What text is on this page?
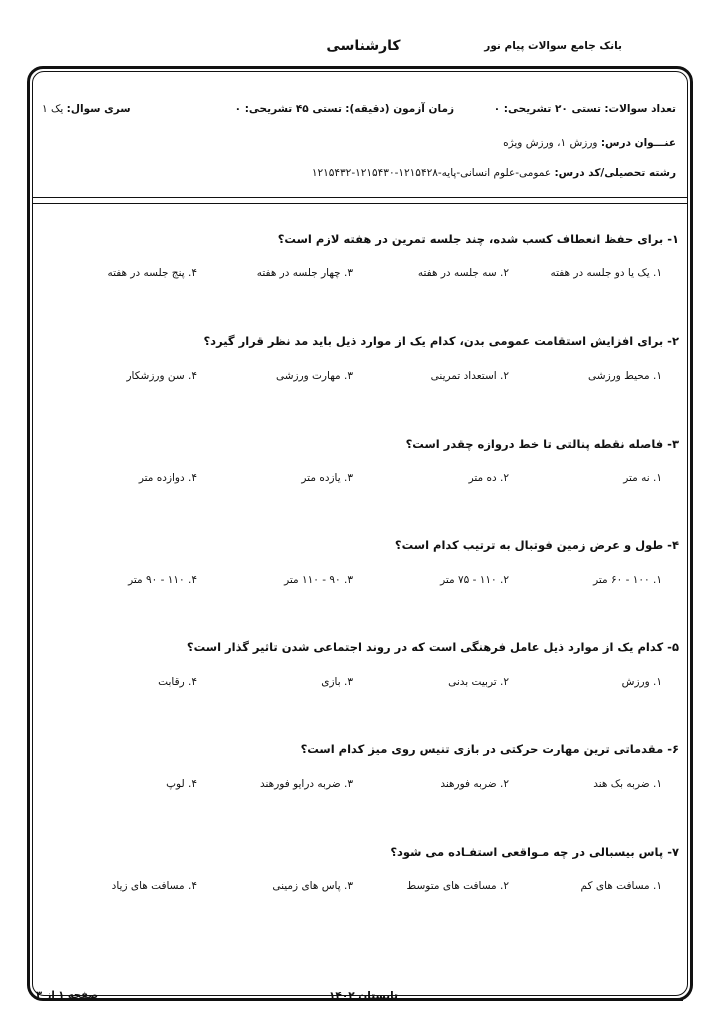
کارشناسی	بانک جامع سوالات پیام نور
تعداد سوالات: تستی ۲۰ تشریحی: ۰
زمان آزمون (دقیقه): تستی ۴۵ تشریحی: ۰
سری سوال: یک ۱
عنـــوان درس: ورزش ۱، ورزش ویژه
رشته تحصیلی/کد درس: عمومی-علوم انسانی-پایه-۱۲۱۵۴۲۸-۱۲۱۵۴۳۰-۱۲۱۵۴۳۲
۱- برای حفظ انعطاف کسب شده، چند جلسه تمرین در هفته لازم است؟
۱. یک یا دو جلسه در هفته
۲. سه جلسه در هفته
۳. چهار جلسه در هفته
۴. پنج جلسه در هفته
۲- برای افزایش استقامت عمومی بدن، کدام یک از موارد ذیل باید مد نظر قرار گیرد؟
۱. محیط ورزشی
۲. استعداد تمرینی
۳. مهارت ورزشی
۴. سن ورزشکار
۳- فاصله نقطه پنالتی تا خط دروازه چقدر است؟
۱. نه متر
۲. ده متر
۳. یازده متر
۴. دوازده متر
۴- طول و عرض زمین فوتبال به ترتیب کدام است؟
۱. ۱۰۰ - ۶۰ متر
۲. ۱۱۰ - ۷۵ متر
۳. ۹۰ - ۱۱۰ متر
۴. ۱۱۰ - ۹۰ متر
۵- کدام یک از موارد ذیل عامل فرهنگی است که در روند اجتماعی شدن تاثیر گذار است؟
۱. ورزش
۲. تربیت بدنی
۳. بازی
۴. رقابت
۶- مقدماتی ترین مهارت حرکتی در بازی تنیس روی میز کدام است؟
۱. ضربه بک هند
۲. ضربه فورهند
۳. ضربه درایو فورهند
۴. لوپ
۷- پاس بیسبالی در چه مـواقعی استفـاده می شود؟
۱. مسافت های کم
۲. مسافت های متوسط
۳. پاس های زمینی
۴. مسافت های زیاد
صفحه ۱ از ۳	تابستان ۱۴۰۲
